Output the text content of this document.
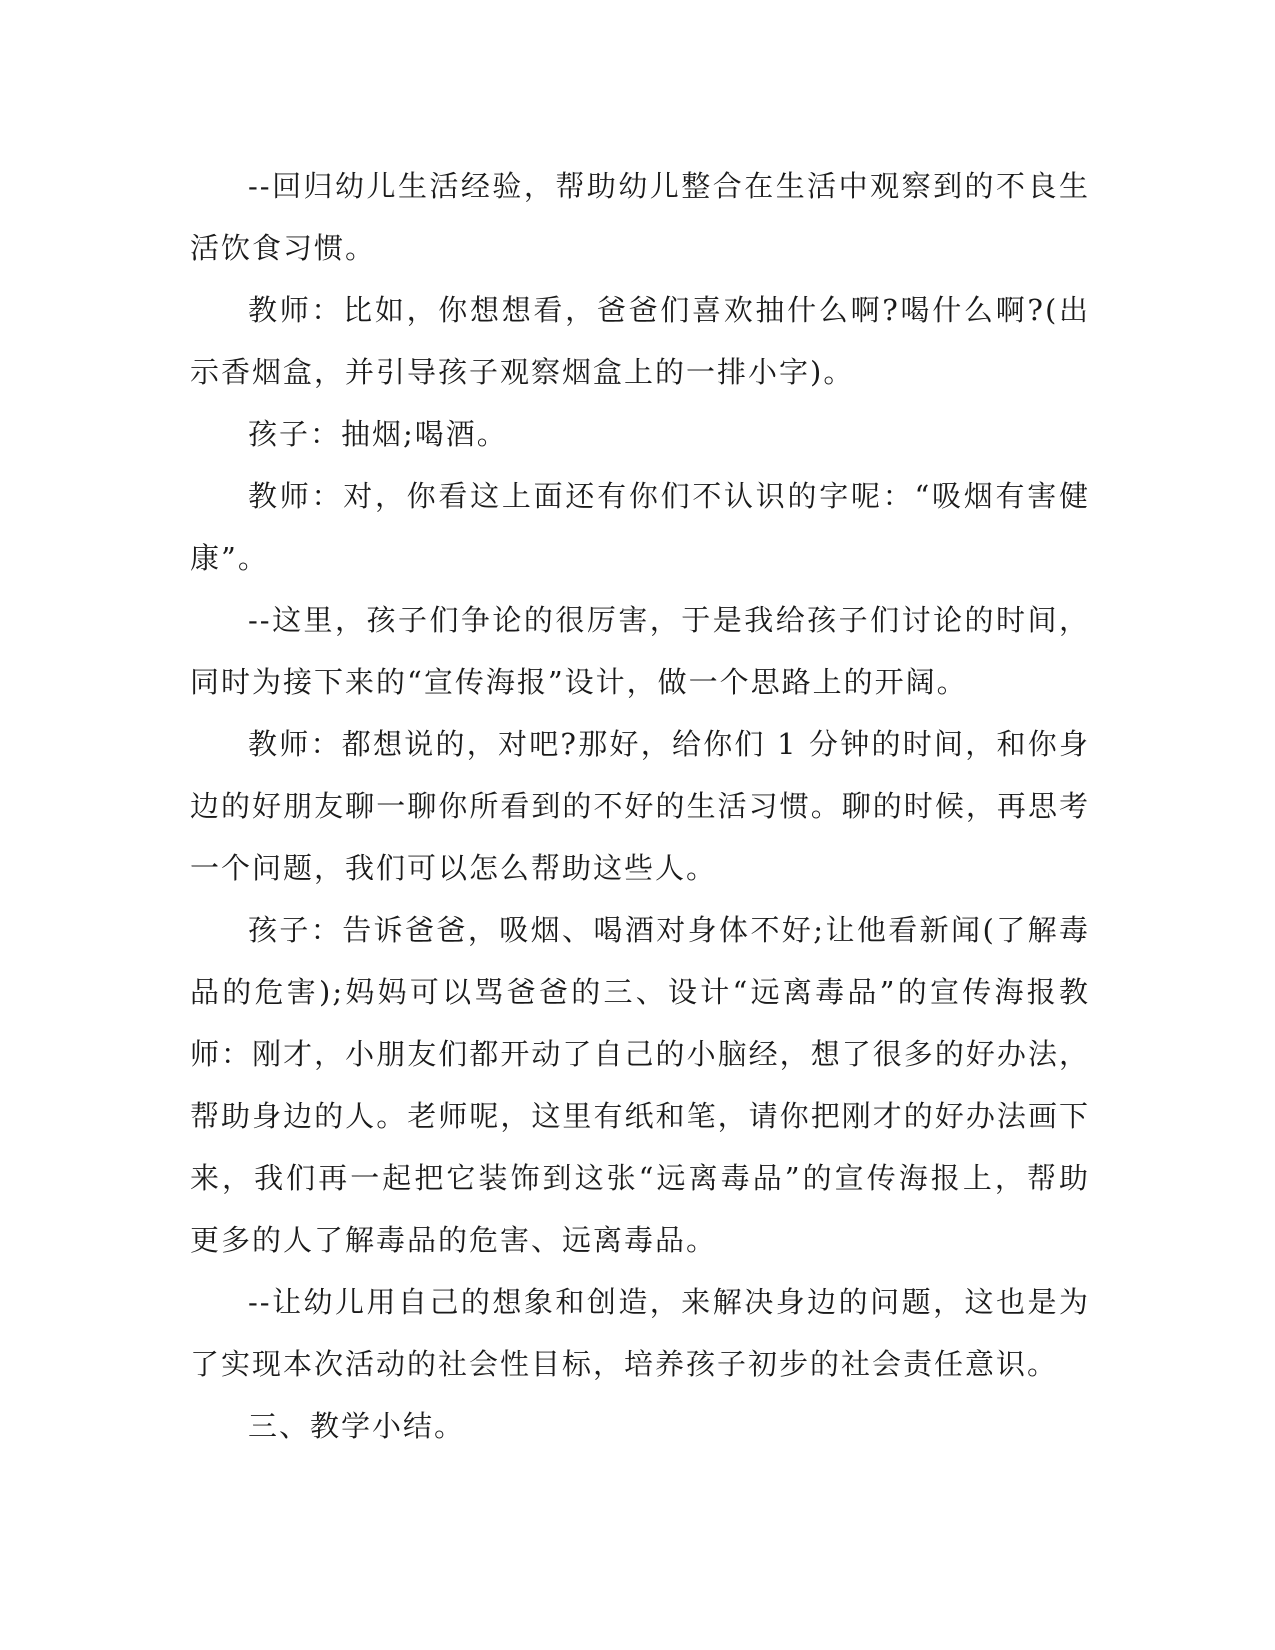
--回归幼儿生活经验，帮助幼儿整合在生活中观察到的不良生活饮食习惯。

教师：比如，你想想看，爸爸们喜欢抽什么啊?喝什么啊?(出示香烟盒，并引导孩子观察烟盒上的一排小字)。

孩子：抽烟;喝酒。

教师：对，你看这上面还有你们不认识的字呢：“吸烟有害健康”。

--这里，孩子们争论的很厉害，于是我给孩子们讨论的时间，同时为接下来的“宣传海报”设计，做一个思路上的开阔。

教师：都想说的，对吧?那好，给你们 1 分钟的时间，和你身边的好朋友聊一聊你所看到的不好的生活习惯。聊的时候，再思考一个问题，我们可以怎么帮助这些人。

孩子：告诉爸爸，吸烟、喝酒对身体不好;让他看新闻(了解毒品的危害);妈妈可以骂爸爸的三、设计“远离毒品”的宣传海报教师：刚才，小朋友们都开动了自己的小脑经，想了很多的好办法，帮助身边的人。老师呢，这里有纸和笔，请你把刚才的好办法画下来，我们再一起把它装饰到这张“远离毒品”的宣传海报上，帮助更多的人了解毒品的危害、远离毒品。

--让幼儿用自己的想象和创造，来解决身边的问题，这也是为了实现本次活动的社会性目标，培养孩子初步的社会责任意识。

三、教学小结。
